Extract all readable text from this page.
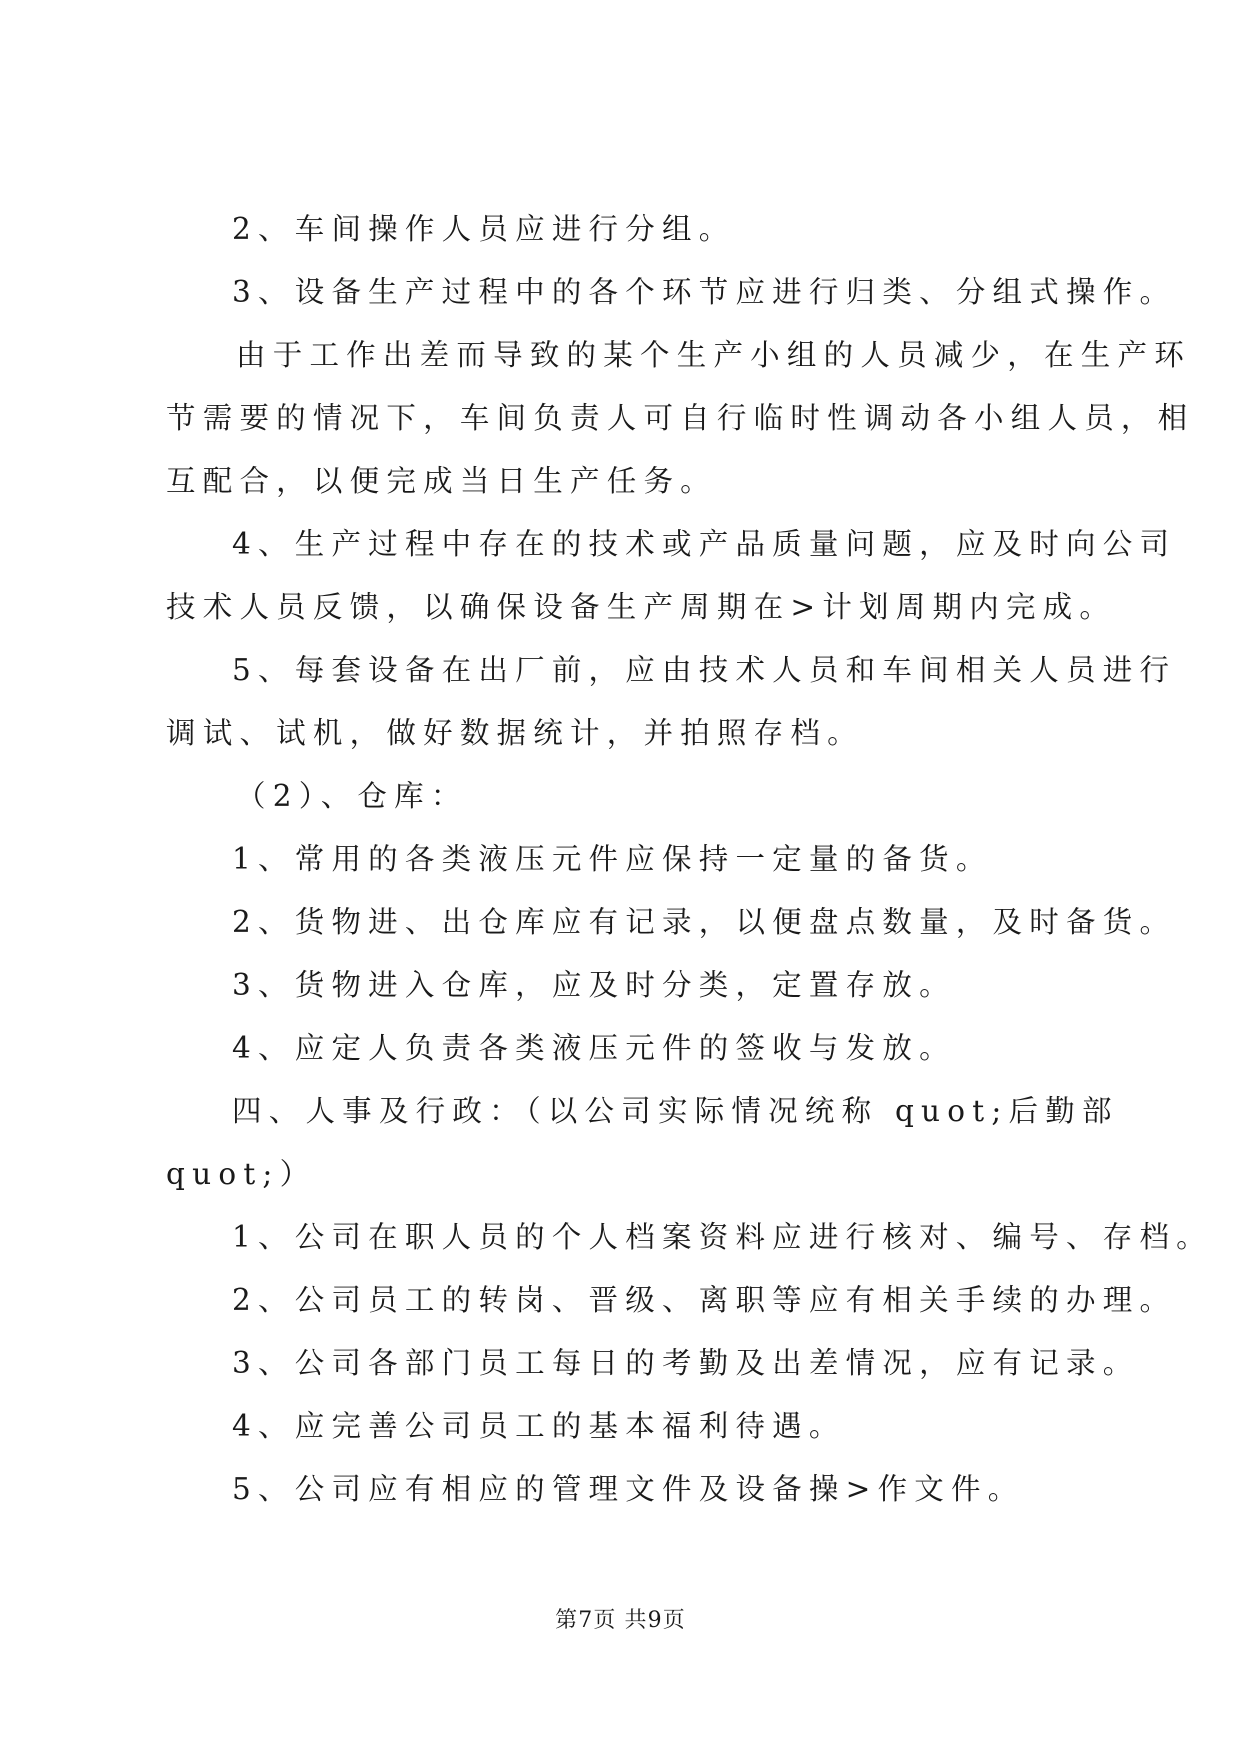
2、车间操作人员应进行分组。
3、设备生产过程中的各个环节应进行归类、分组式操作。
由于工作出差而导致的某个生产小组的人员减少，在生产环
节需要的情况下，车间负责人可自行临时性调动各小组人员，相
互配合，以便完成当日生产任务。
4、生产过程中存在的技术或产品质量问题，应及时向公司
技术人员反馈，以确保设备生产周期在>计划周期内完成。
5、每套设备在出厂前，应由技术人员和车间相关人员进行
调试、试机，做好数据统计，并拍照存档。
（2）、仓库：
1、常用的各类液压元件应保持一定量的备货。
2、货物进、出仓库应有记录，以便盘点数量，及时备货。
3、货物进入仓库，应及时分类，定置存放。
4、应定人负责各类液压元件的签收与发放。
四、人事及行政：（以公司实际情况统称 quot;后勤部
quot;）
1、公司在职人员的个人档案资料应进行核对、编号、存档。
2、公司员工的转岗、晋级、离职等应有相关手续的办理。
3、公司各部门员工每日的考勤及出差情况，应有记录。
4、应完善公司员工的基本福利待遇。
5、公司应有相应的管理文件及设备操>作文件。
第7页 共9页
